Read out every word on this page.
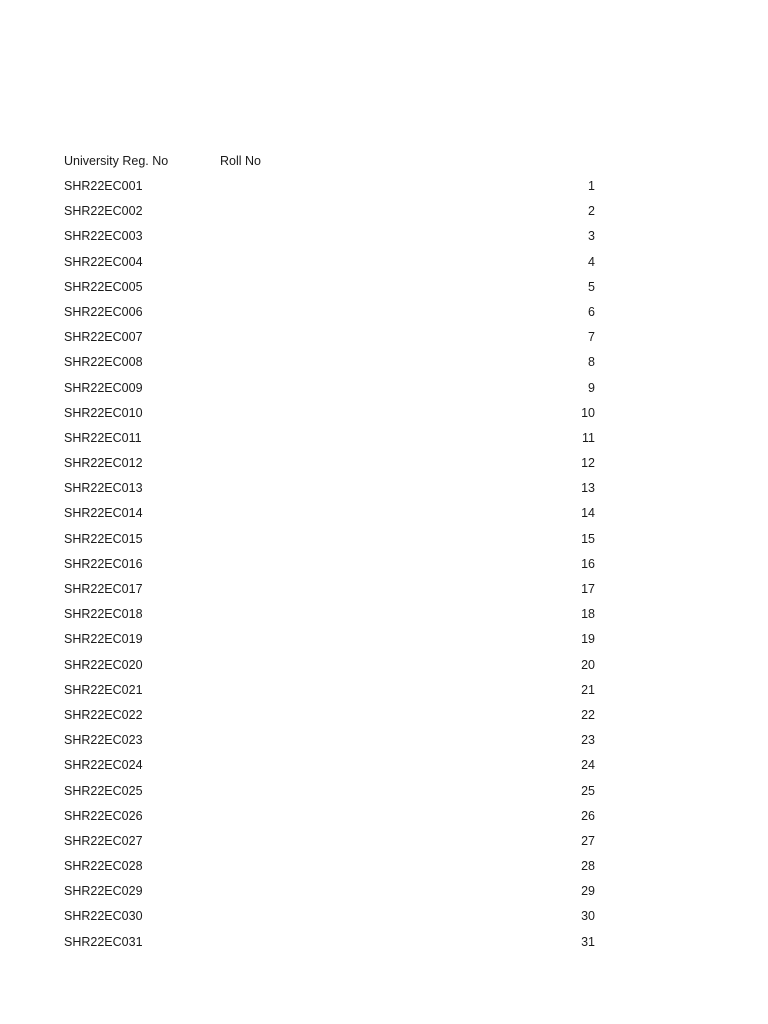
University Reg. No	Roll No
SHR22EC001	1
SHR22EC002	2
SHR22EC003	3
SHR22EC004	4
SHR22EC005	5
SHR22EC006	6
SHR22EC007	7
SHR22EC008	8
SHR22EC009	9
SHR22EC010	10
SHR22EC011	11
SHR22EC012	12
SHR22EC013	13
SHR22EC014	14
SHR22EC015	15
SHR22EC016	16
SHR22EC017	17
SHR22EC018	18
SHR22EC019	19
SHR22EC020	20
SHR22EC021	21
SHR22EC022	22
SHR22EC023	23
SHR22EC024	24
SHR22EC025	25
SHR22EC026	26
SHR22EC027	27
SHR22EC028	28
SHR22EC029	29
SHR22EC030	30
SHR22EC031	31
